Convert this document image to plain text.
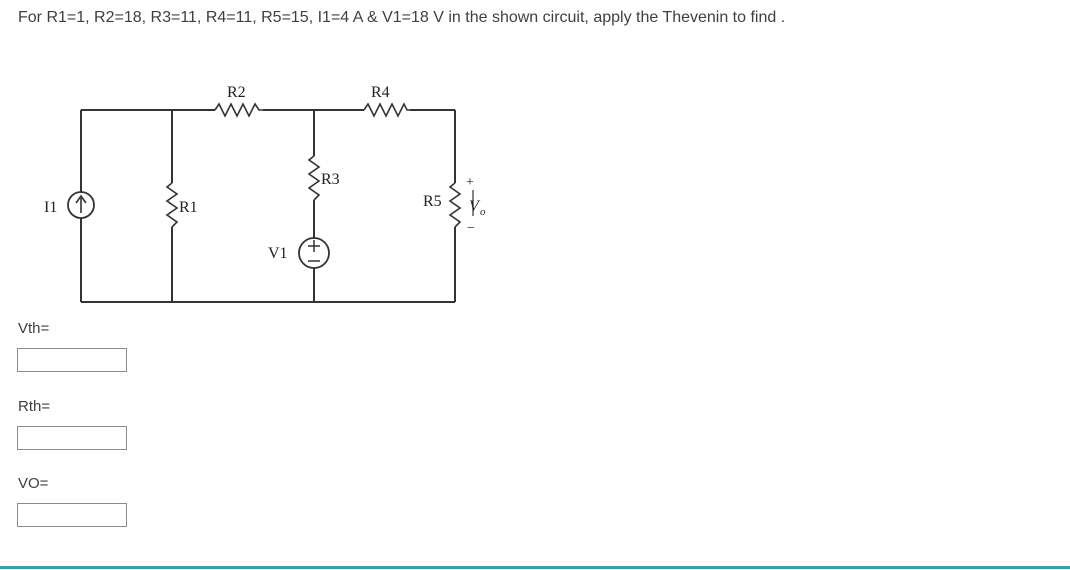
For R1=1, R2=18, R3=11, R4=11, R5=15, I1=4 A & V1=18 V in the shown circuit, apply the Thevenin to find .
R2	R4
R1
R3
R5
I1
V1
+
V o
−
Vth=
Rth=
VO=
